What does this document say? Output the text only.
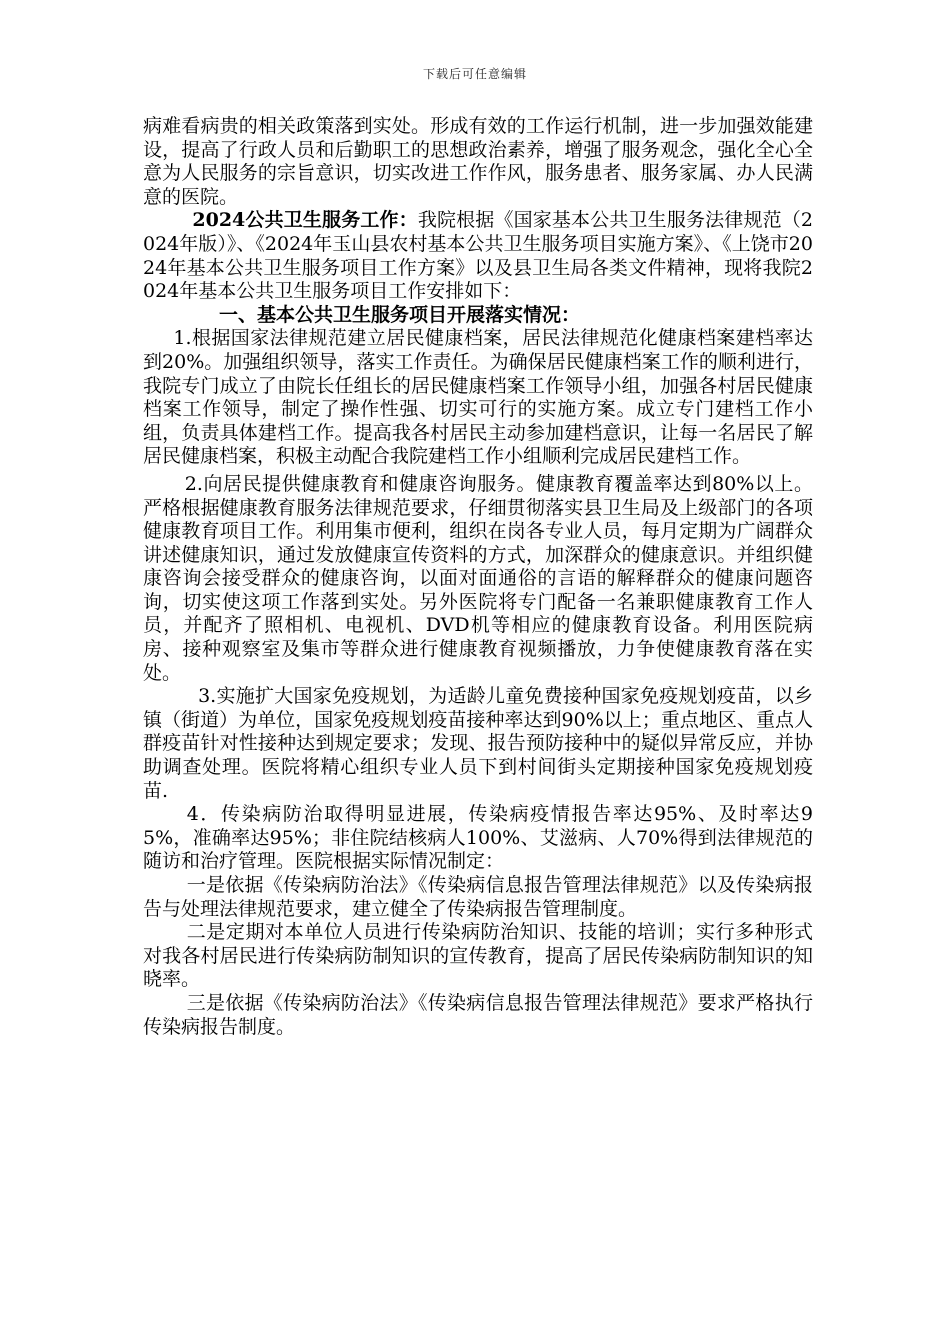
下载后可任意编辑

病难看病贵的相关政策落到实处。形成有效的工作运行机制，进一步加强效能建设，提高了行政人员和后勤职工的思想政治素养，增强了服务观念，强化全心全意为人民服务的宗旨意识，切实改进工作作风，服务患者、服务家属、办人民满意的医院。

2024公共卫生服务工作：我院根据《国家基本公共卫生服务法律规范（2024年版）》、《2024年玉山县农村基本公共卫生服务项目实施方案》、《上饶市2024年基本公共卫生服务项目工作方案》以及县卫生局各类文件精神，现将我院2024年基本公共卫生服务项目工作安排如下：

一、基本公共卫生服务项目开展落实情况：

1.根据国家法律规范建立居民健康档案，居民法律规范化健康档案建档率达到20%。加强组织领导，落实工作责任。为确保居民健康档案工作的顺利进行，我院专门成立了由院长任组长的居民健康档案工作领导小组，加强各村居民健康档案工作领导，制定了操作性强、切实可行的实施方案。成立专门建档工作小组，负责具体建档工作。提高我各村居民主动参加建档意识，让每一名居民了解居民健康档案，积极主动配合我院建档工作小组顺利完成居民建档工作。

2.向居民提供健康教育和健康咨询服务。健康教育覆盖率达到80%以上。严格根据健康教育服务法律规范要求，仔细贯彻落实县卫生局及上级部门的各项健康教育项目工作。利用集市便利，组织在岗各专业人员，每月定期为广阔群众讲述健康知识，通过发放健康宣传资料的方式，加深群众的健康意识。并组织健康咨询会接受群众的健康咨询，以面对面通俗的言语的解释群众的健康问题咨询，切实使这项工作落到实处。另外医院将专门配备一名兼职健康教育工作人员，并配齐了照相机、电视机、DVD机等相应的健康教育设备。利用医院病房、接种观察室及集市等群众进行健康教育视频播放，力争使健康教育落在实处。

3.实施扩大国家免疫规划，为适龄儿童免费接种国家免疫规划疫苗，以乡镇（街道）为单位，国家免疫规划疫苗接种率达到90%以上；重点地区、重点人群疫苗针对性接种达到规定要求；发现、报告预防接种中的疑似异常反应，并协助调查处理。医院将精心组织专业人员下到村间街头定期接种国家免疫规划疫苗.

4．传染病防治取得明显进展，传染病疫情报告率达95%、及时率达95%，准确率达95%；非住院结核病人100%、艾滋病、人70%得到法律规范的随访和治疗管理。医院根据实际情况制定：

一是依据《传染病防治法》《传染病信息报告管理法律规范》以及传染病报告与处理法律规范要求，建立健全了传染病报告管理制度。

二是定期对本单位人员进行传染病防治知识、技能的培训；实行多种形式对我各村居民进行传染病防制知识的宣传教育，提高了居民传染病防制知识的知晓率。

三是依据《传染病防治法》《传染病信息报告管理法律规范》要求严格执行传染病报告制度。
